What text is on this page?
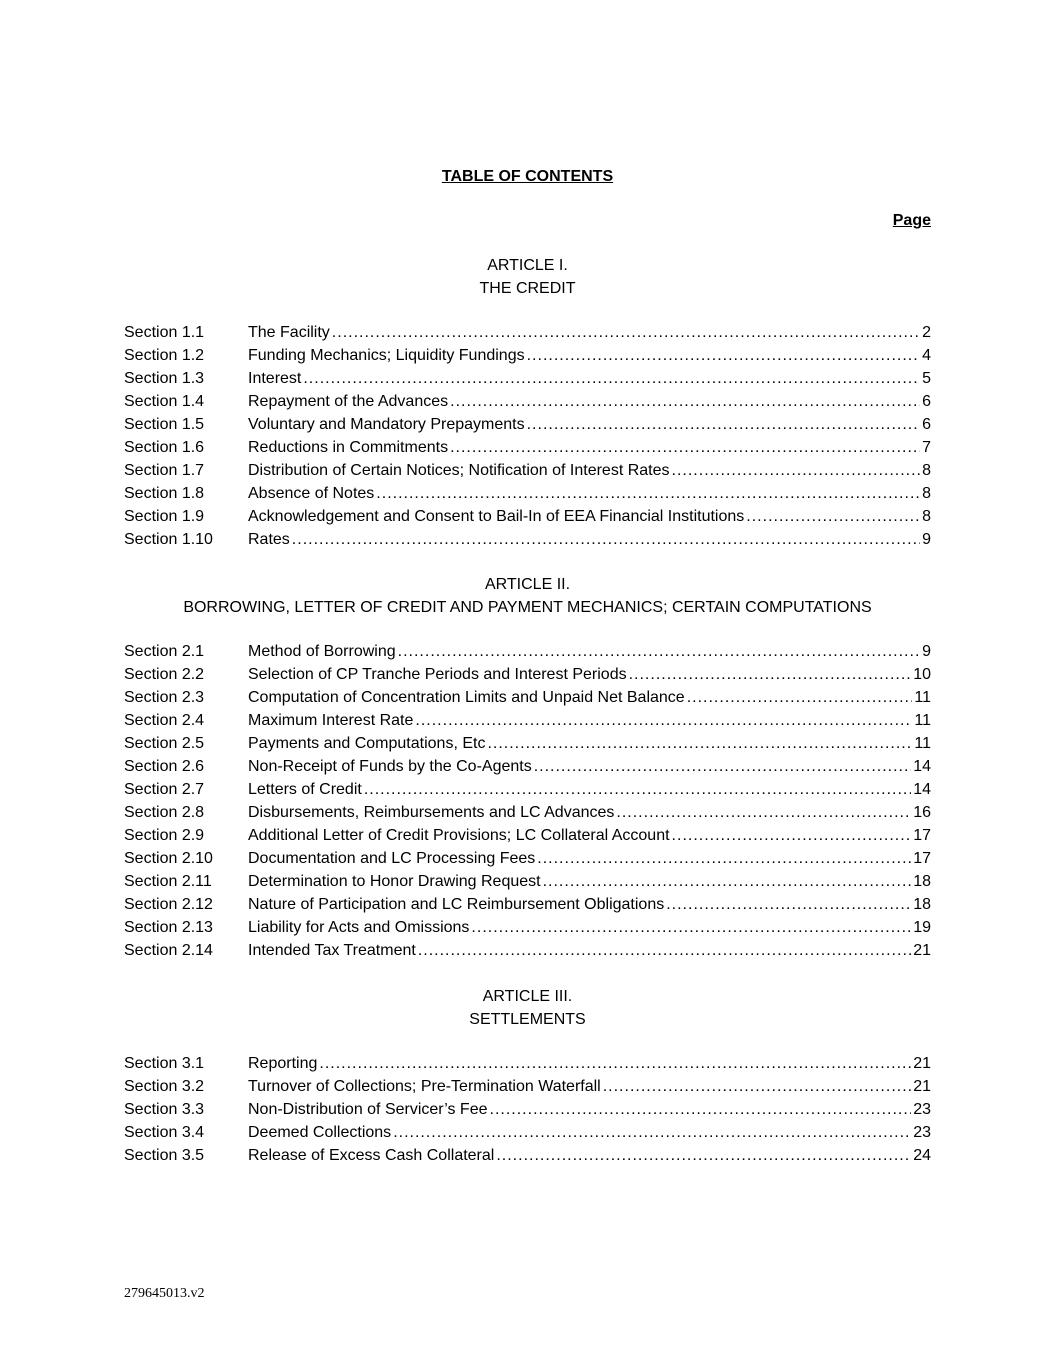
TABLE OF CONTENTS
Page
ARTICLE I.
THE CREDIT
Section 1.1	The Facility .....	2
Section 1.2	Funding Mechanics; Liquidity Fundings .....	4
Section 1.3	Interest .....	5
Section 1.4	Repayment of the Advances .....	6
Section 1.5	Voluntary and Mandatory Prepayments .....	6
Section 1.6	Reductions in Commitments .....	7
Section 1.7	Distribution of Certain Notices; Notification of Interest Rates .....	8
Section 1.8	Absence of Notes .....	8
Section 1.9	Acknowledgement and Consent to Bail-In of EEA Financial Institutions .....	8
Section 1.10	Rates .....	9
ARTICLE II.
BORROWING, LETTER OF CREDIT AND PAYMENT MECHANICS; CERTAIN COMPUTATIONS
Section 2.1	Method of Borrowing .....	9
Section 2.2	Selection of CP Tranche Periods and Interest Periods .....	10
Section 2.3	Computation of Concentration Limits and Unpaid Net Balance .....	11
Section 2.4	Maximum Interest Rate .....	11
Section 2.5	Payments and Computations, Etc .....	11
Section 2.6	Non-Receipt of Funds by the Co-Agents .....	14
Section 2.7	Letters of Credit .....	14
Section 2.8	Disbursements, Reimbursements and LC Advances .....	16
Section 2.9	Additional Letter of Credit Provisions; LC Collateral Account .....	17
Section 2.10	Documentation and LC Processing Fees .....	17
Section 2.11	Determination to Honor Drawing Request .....	18
Section 2.12	Nature of Participation and LC Reimbursement Obligations .....	18
Section 2.13	Liability for Acts and Omissions .....	19
Section 2.14	Intended Tax Treatment .....	21
ARTICLE III.
SETTLEMENTS
Section 3.1	Reporting .....	21
Section 3.2	Turnover of Collections; Pre-Termination Waterfall .....	21
Section 3.3	Non-Distribution of Servicer’s Fee .....	23
Section 3.4	Deemed Collections .....	23
Section 3.5	Release of Excess Cash Collateral .....	24
279645013.v2
